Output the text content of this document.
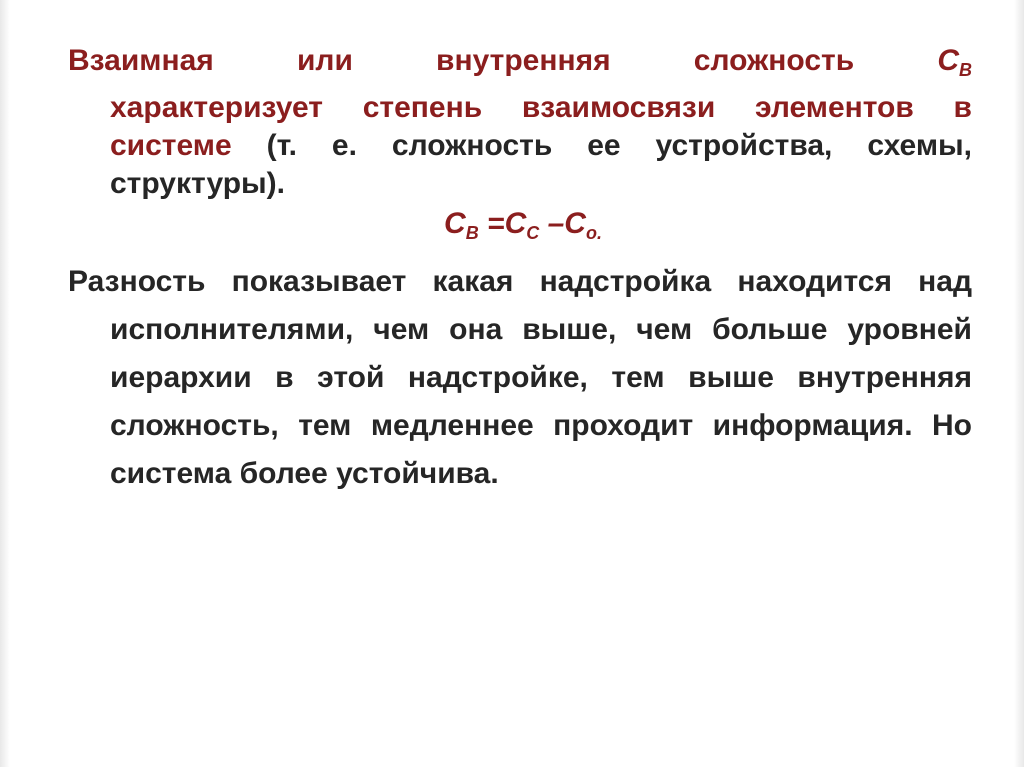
Взаимная	или	внутренняя	сложность	$С_В$
характеризует степень взаимосвязи элементов в системе (т. е. сложность ее устройства, схемы, структуры).
$С_В =С_С$ $-С_{о.}$
Разность показывает какая надстройка находится над исполнителями, чем она выше, чем больше уровней иерархии в этой надстройке, тем выше внутренняя сложность, тем медленнее проходит информация. Но система более устойчива.
